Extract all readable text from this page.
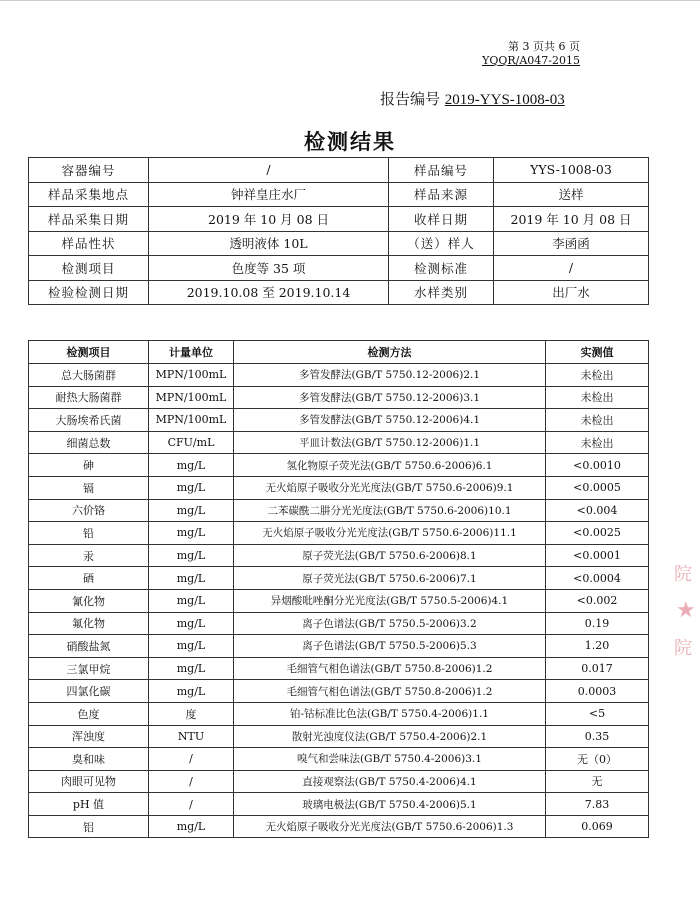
第 3 页共 6 页
YQQR/A047-2015
报告编号 2019-YYS-1008-03
检测结果
容器编号	/	样品编号	YYS-1008-03
样品采集地点	钟祥皇庄水厂	样品来源	送样
样品采集日期	2019 年 10 月 08 日	收样日期	2019 年 10 月 08 日
样品性状	透明液体 10L	（送）样人	李函函
检测项目	色度等 35 项	检测标准	/
检验检测日期	2019.10.08 至 2019.10.14	水样类别	出厂水
检测项目	计量单位	检测方法	实测值
总大肠菌群	MPN/100mL	多管发酵法(GB/T 5750.12-2006)2.1	未检出
耐热大肠菌群	MPN/100mL	多管发酵法(GB/T 5750.12-2006)3.1	未检出
大肠埃希氏菌	MPN/100mL	多管发酵法(GB/T 5750.12-2006)4.1	未检出
细菌总数	CFU/mL	平皿计数法(GB/T 5750.12-2006)1.1	未检出
砷	mg/L	氢化物原子荧光法(GB/T 5750.6-2006)6.1	<0.0010
镉	mg/L	无火焰原子吸收分光光度法(GB/T 5750.6-2006)9.1	<0.0005
六价铬	mg/L	二苯碳酰二肼分光光度法(GB/T 5750.6-2006)10.1	<0.004
铅	mg/L	无火焰原子吸收分光光度法(GB/T 5750.6-2006)11.1	<0.0025
汞	mg/L	原子荧光法(GB/T 5750.6-2006)8.1	<0.0001
硒	mg/L	原子荧光法(GB/T 5750.6-2006)7.1	<0.0004
氰化物	mg/L	异烟酸吡唑酮分光光度法(GB/T 5750.5-2006)4.1	<0.002
氟化物	mg/L	离子色谱法(GB/T 5750.5-2006)3.2	0.19
硝酸盐氮	mg/L	离子色谱法(GB/T 5750.5-2006)5.3	1.20
三氯甲烷	mg/L	毛细管气相色谱法(GB/T 5750.8-2006)1.2	0.017
四氯化碳	mg/L	毛细管气相色谱法(GB/T 5750.8-2006)1.2	0.0003
色度	度	铂-钴标准比色法(GB/T 5750.4-2006)1.1	<5
浑浊度	NTU	散射光浊度仪法(GB/T 5750.4-2006)2.1	0.35
臭和味	/	嗅气和尝味法(GB/T 5750.4-2006)3.1	无（0）
肉眼可见物	/	直接观察法(GB/T 5750.4-2006)4.1	无
pH 值	/	玻璃电极法(GB/T 5750.4-2006)5.1	7.83
铝	mg/L	无火焰原子吸收分光光度法(GB/T 5750.6-2006)1.3	0.069
院
★
院
